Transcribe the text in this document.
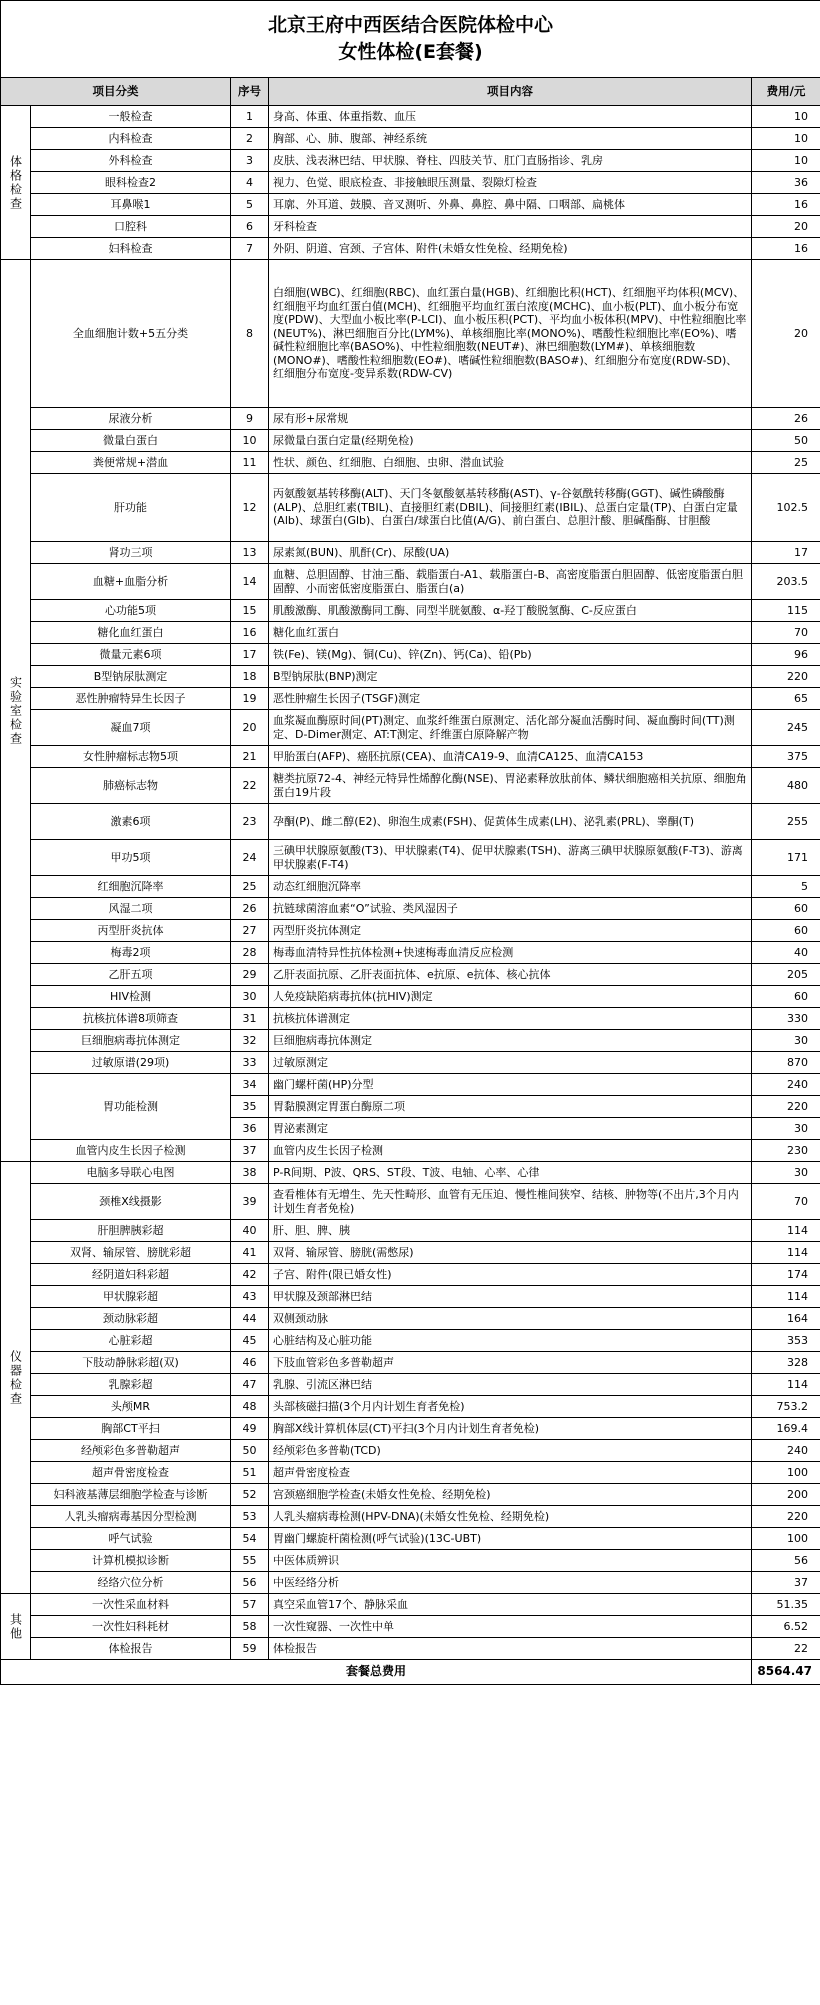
北京王府中西医结合医院体检中心
女性体检(E套餐)				

项目分类		序号	项目内容	费用/元

体格检查	一般检查	1	身高、体重、体重指数、血压	10
	内科检查	2	胸部、心、肺、腹部、神经系统	10
	外科检查	3	皮肤、浅表淋巴结、甲状腺、脊柱、四肢关节、肛门直肠指诊、乳房	10
	眼科检查2	4	视力、色觉、眼底检查、非接触眼压测量、裂隙灯检查	36
	耳鼻喉1	5	耳廓、外耳道、鼓膜、音叉测听、外鼻、鼻腔、鼻中隔、口咽部、扁桃体	16
	口腔科	6	牙科检查	20
	妇科检查	7	外阴、阴道、宫颈、子宫体、附件(未婚女性免检、经期免检)	16

实验室检查	全血细胞计数+5五分类	8	白细胞(WBC)、红细胞(RBC)、血红蛋白量(HGB)、红细胞比积(HCT)、红细胞平均体积(MCV)、红细胞平均血红蛋白值(MCH)、红细胞平均血红蛋白浓度(MCHC)、血小板(PLT)、血小板分布宽度(PDW)、大型血小板比率(P-LCI)、血小板压积(PCT)、平均血小板体积(MPV)、中性粒细胞比率(NEUT%)、淋巴细胞百分比(LYM%)、单核细胞比率(MONO%)、嗜酸性粒细胞比率(EO%)、嗜碱性粒细胞比率(BASO%)、中性粒细胞数(NEUT#)、淋巴细胞数(LYM#)、单核细胞数(MONO#)、嗜酸性粒细胞数(EO#)、嗜碱性粒细胞数(BASO#)、红细胞分布宽度(RDW-SD)、红细胞分布宽度-变异系数(RDW-CV)	20
	尿液分析	9	尿有形+尿常规	26
	微量白蛋白	10	尿微量白蛋白定量(经期免检)	50
	粪便常规+潜血	11	性状、颜色、红细胞、白细胞、虫卵、潜血试验	25
	肝功能	12	丙氨酸氨基转移酶(ALT)、天门冬氨酸氨基转移酶(AST)、γ-谷氨酰转移酶(GGT)、碱性磷酸酶(ALP)、总胆红素(TBIL)、直接胆红素(DBIL)、间接胆红素(IBIL)、总蛋白定量(TP)、白蛋白定量(Alb)、球蛋白(Glb)、白蛋白/球蛋白比值(A/G)、前白蛋白、总胆汁酸、胆碱酯酶、甘胆酸	102.5
	肾功三项	13	尿素氮(BUN)、肌酐(Cr)、尿酸(UA)	17
	血糖+血脂分析	14	血糖、总胆固醇、甘油三酯、载脂蛋白-A1、载脂蛋白-B、高密度脂蛋白胆固醇、低密度脂蛋白胆固醇、小而密低密度脂蛋白、脂蛋白(a)	203.5
	心功能5项	15	肌酸激酶、肌酸激酶同工酶、同型半胱氨酸、α-羟丁酸脱氢酶、C-反应蛋白	115
	糖化血红蛋白	16	糖化血红蛋白	70
	微量元素6项	17	铁(Fe)、镁(Mg)、铜(Cu)、锌(Zn)、钙(Ca)、铅(Pb)	96
	B型钠尿肽测定	18	B型钠尿肽(BNP)测定	220
	恶性肿瘤特异生长因子	19	恶性肿瘤生长因子(TSGF)测定	65
	凝血7项	20	血浆凝血酶原时间(PT)测定、血浆纤维蛋白原测定、活化部分凝血活酶时间、凝血酶时间(TT)测定、D-Dimer测定、AT:T测定、纤维蛋白原降解产物	245
	女性肿瘤标志物5项	21	甲胎蛋白(AFP)、癌胚抗原(CEA)、血清CA19-9、血清CA125、血清CA153	375
	肺癌标志物	22	糖类抗原72-4、神经元特异性烯醇化酶(NSE)、胃泌素释放肽前体、鳞状细胞癌相关抗原、细胞角蛋白19片段	480
	激素6项	23	孕酮(P)、雌二醇(E2)、卵泡生成素(FSH)、促黄体生成素(LH)、泌乳素(PRL)、睾酮(T)	255
	甲功5项	24	三碘甲状腺原氨酸(T3)、甲状腺素(T4)、促甲状腺素(TSH)、游离三碘甲状腺原氨酸(F-T3)、游离甲状腺素(F-T4)	171
	红细胞沉降率	25	动态红细胞沉降率	5
	风湿二项	26	抗链球菌溶血素“O”试验、类风湿因子	60
	丙型肝炎抗体	27	丙型肝炎抗体测定	60
	梅毒2项	28	梅毒血清特异性抗体检测+快速梅毒血清反应检测	40
	乙肝五项	29	乙肝表面抗原、乙肝表面抗体、e抗原、e抗体、核心抗体	205
	HIV检测	30	人免疫缺陷病毒抗体(抗HIV)测定	60
	抗核抗体谱8项筛查	31	抗核抗体谱测定	330
	巨细胞病毒抗体测定	32	巨细胞病毒抗体测定	30
	过敏原谱(29项)	33	过敏原测定	870
	胃功能检测	34	幽门螺杆菌(HP)分型	240
		35	胃黏膜测定胃蛋白酶原二项	220
		36	胃泌素测定	30
	血管内皮生长因子检测	37	血管内皮生长因子检测	230

仪器检查	电脑多导联心电图	38	P-R间期、P波、QRS、ST段、T波、电轴、心率、心律	30
	颈椎X线摄影	39	查看椎体有无增生、先天性畸形、血管有无压迫、慢性椎间狭窄、结核、肿物等(不出片,3个月内计划生育者免检)	70
	肝胆脾胰彩超	40	肝、胆、脾、胰	114
	双肾、输尿管、膀胱彩超	41	双肾、输尿管、膀胱(需憋尿)	114
	经阴道妇科彩超	42	子宫、附件(限已婚女性)	174
	甲状腺彩超	43	甲状腺及颈部淋巴结	114
	颈动脉彩超	44	双侧颈动脉	164
	心脏彩超	45	心脏结构及心脏功能	353
	下肢动静脉彩超(双)	46	下肢血管彩色多普勒超声	328
	乳腺彩超	47	乳腺、引流区淋巴结	114
	头颅MR	48	头部核磁扫描(3个月内计划生育者免检)	753.2
	胸部CT平扫	49	胸部X线计算机体层(CT)平扫(3个月内计划生育者免检)	169.4
	经颅彩色多普勒超声	50	经颅彩色多普勒(TCD)	240
	超声骨密度检查	51	超声骨密度检查	100
	妇科液基薄层细胞学检查与诊断	52	宫颈癌细胞学检查(未婚女性免检、经期免检)	200
	人乳头瘤病毒基因分型检测	53	人乳头瘤病毒检测(HPV-DNA)(未婚女性免检、经期免检)	220
	呼气试验	54	胃幽门螺旋杆菌检测(呼气试验)(13C-UBT)	100
	计算机模拟诊断	55	中医体质辨识	56
	经络穴位分析	56	中医经络分析	37

其他	一次性采血材料	57	真空采血管17个、静脉采血	51.35
	一次性妇科耗材	58	一次性窥器、一次性中单	6.52
	体检报告	59	体检报告	22
套餐总费用				8564.47
